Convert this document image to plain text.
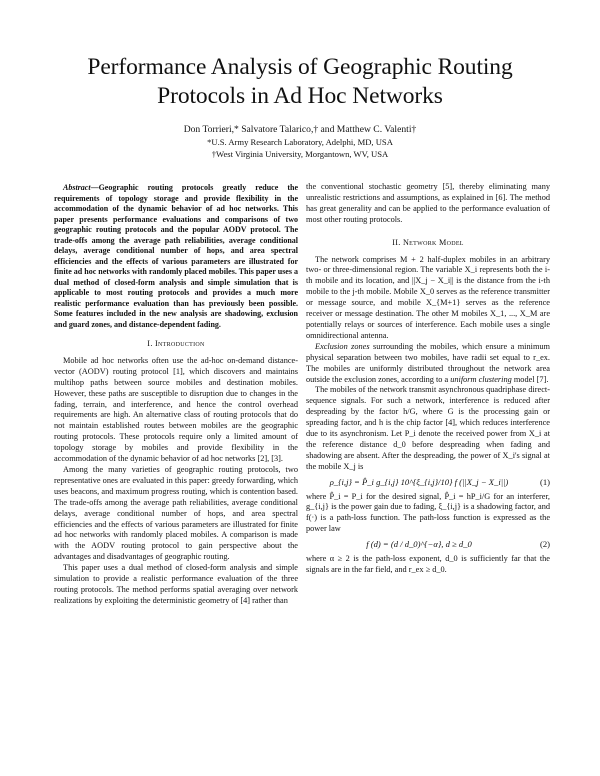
Performance Analysis of Geographic Routing
Protocols in Ad Hoc Networks
Don Torrieri,* Salvatore Talarico,† and Matthew C. Valenti†
*U.S. Army Research Laboratory, Adelphi, MD, USA
†West Virginia University, Morgantown, WV, USA

Abstract—Geographic routing protocols greatly reduce the requirements of topology storage and provide flexibility in the accommodation of the dynamic behavior of ad hoc networks. This paper presents performance evaluations and comparisons of two geographic routing protocols and the popular AODV protocol. The trade-offs among the average path reliabilities, average conditional delays, average conditional number of hops, and area spectral efficiencies and the effects of various parameters are illustrated for finite ad hoc networks with randomly placed mobiles. This paper uses a dual method of closed-form analysis and simple simulation that is applicable to most routing protocols and provides a much more realistic performance evaluation than has previously been possible. Some features included in the new analysis are shadowing, exclusion and guard zones, and distance-dependent fading.

I. Introduction

Mobile ad hoc networks often use the ad-hoc on-demand distance-vector (AODV) routing protocol [1], which discovers and maintains multihop paths between source mobiles and destination mobiles. However, these paths are susceptible to disruption due to changes in the fading, terrain, and interference, and hence the control overhead requirements are high. An alternative class of routing protocols that do not maintain established routes between mobiles are the geographic routing protocols. These protocols require only a limited amount of topology storage by mobiles and provide flexibility in the accommodation of the dynamic behavior of ad hoc networks [2], [3].

Among the many varieties of geographic routing protocols, two representative ones are evaluated in this paper: greedy forwarding, which uses beacons, and maximum progress routing, which is contention based. The trade-offs among the average path reliabilities, average conditional delays, average conditional number of hops, and area spectral efficiencies and the effects of various parameters are illustrated for finite ad hoc networks with randomly placed mobiles. A comparison is made with the AODV routing protocol to gain perspective about the advantages and disadvantages of geographic routing.

This paper uses a dual method of closed-form analysis and simple simulation to provide a realistic performance evaluation of the three routing protocols. The method performs spatial averaging over network realizations by exploiting the deterministic geometry of [4] rather than

the conventional stochastic geometry [5], thereby eliminating many unrealistic restrictions and assumptions, as explained in [6]. The method has great generality and can be applied to the performance evaluation of most other routing protocols.

II. Network Model

The network comprises M + 2 half-duplex mobiles in an arbitrary two- or three-dimensional region. The variable X_i represents both the i-th mobile and its location, and ||X_j − X_i|| is the distance from the i-th mobile to the j-th mobile. Mobile X_0 serves as the reference transmitter or message source, and mobile X_{M+1} serves as the reference receiver or message destination. The other M mobiles X_1, ..., X_M are potentially relays or sources of interference. Each mobile uses a single omnidirectional antenna.

Exclusion zones surrounding the mobiles, which ensure a minimum physical separation between two mobiles, have radii set equal to r_ex. The mobiles are uniformly distributed throughout the network area outside the exclusion zones, according to a uniform clustering model [7].

The mobiles of the network transmit asynchronous quadriphase direct-sequence signals. For such a network, interference is reduced after despreading by the factor h/G, where G is the processing gain or spreading factor, and h is the chip factor [4], which reduces interference due to its asynchronism. Let P_i denote the received power from X_i at the reference distance d_0 before despreading when fading and shadowing are absent. After the despreading, the power of X_i's signal at the mobile X_j is

ρ_{i,j} = P̂_i g_{i,j} 10^{ξ_{i,j}/10} f (||X_j − X_i||)	(1)

where P̂_i = P_i for the desired signal, P̂_i = hP_i/G for an interferer, g_{i,j} is the power gain due to fading, ξ_{i,j} is a shadowing factor, and f(·) is a path-loss function. The path-loss function is expressed as the power law

f (d) = (d / d_0)^{−α}, d ≥ d_0	(2)

where α ≥ 2 is the path-loss exponent, d_0 is sufficiently far that the signals are in the far field, and r_ex ≥ d_0.
